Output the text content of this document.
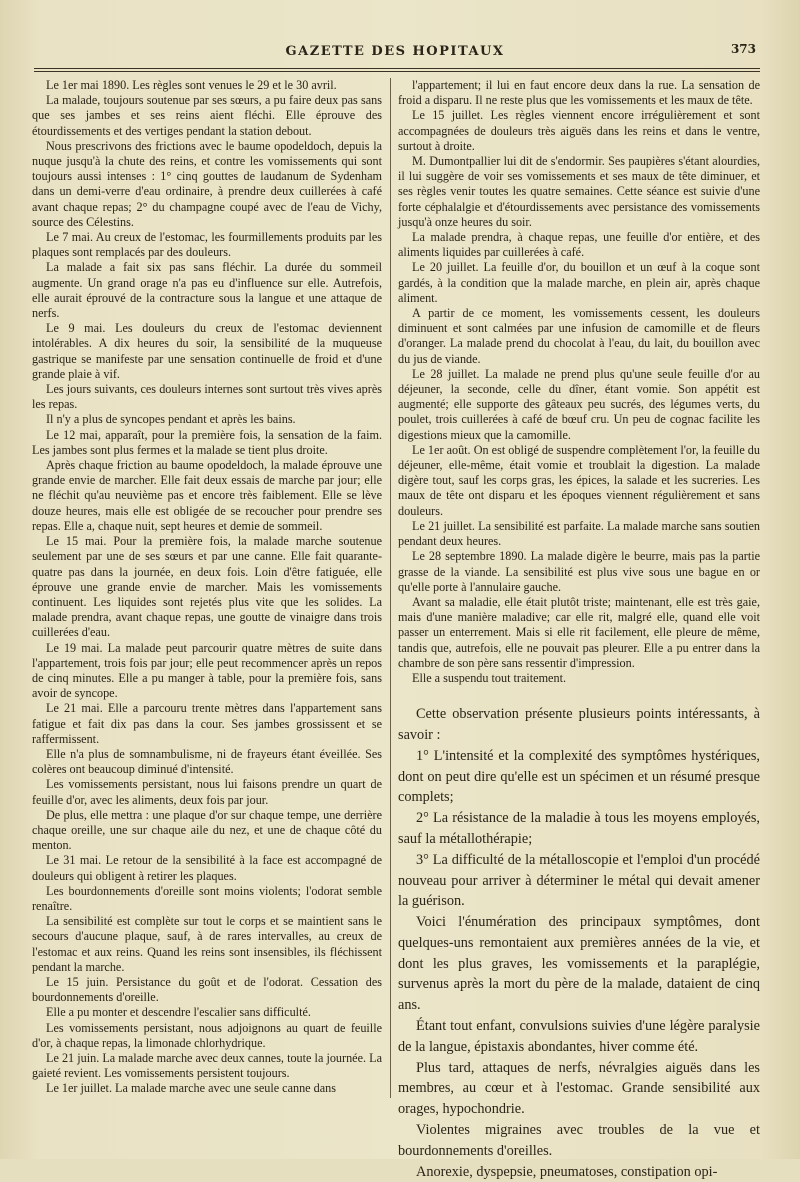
GAZETTE DES HOPITAUX	373

Le 1er mai 1890. Les règles sont venues le 29 et le 30 avril.

La malade, toujours soutenue par ses sœurs, a pu faire deux pas sans que ses jambes et ses reins aient fléchi. Elle éprouve des étourdissements et des vertiges pendant la station debout.

Nous prescrivons des frictions avec le baume opodeldoch, depuis la nuque jusqu'à la chute des reins, et contre les vomissements qui sont toujours aussi intenses : 1° cinq gouttes de laudanum de Sydenham dans un demi-verre d'eau ordinaire, à prendre deux cuillerées à café avant chaque repas; 2° du champagne coupé avec de l'eau de Vichy, source des Célestins.

Le 7 mai. Au creux de l'estomac, les fourmillements produits par les plaques sont remplacés par des douleurs.

La malade a fait six pas sans fléchir. La durée du sommeil augmente. Un grand orage n'a pas eu d'influence sur elle. Autrefois, elle aurait éprouvé de la contracture sous la langue et une attaque de nerfs.

Le 9 mai. Les douleurs du creux de l'estomac deviennent intolérables. A dix heures du soir, la sensibilité de la muqueuse gastrique se manifeste par une sensation continuelle de froid et d'une grande plaie à vif.

Les jours suivants, ces douleurs internes sont surtout très vives après les repas.

Il n'y a plus de syncopes pendant et après les bains.

Le 12 mai, apparaît, pour la première fois, la sensation de la faim. Les jambes sont plus fermes et la malade se tient plus droite.

Après chaque friction au baume opodeldoch, la malade éprouve une grande envie de marcher. Elle fait deux essais de marche par jour; elle ne fléchit qu'au neuvième pas et encore très faiblement. Elle se lève douze heures, mais elle est obligée de se recoucher pour prendre ses repas. Elle a, chaque nuit, sept heures et demie de sommeil.

Le 15 mai. Pour la première fois, la malade marche soutenue seulement par une de ses sœurs et par une canne. Elle fait quarante-quatre pas dans la journée, en deux fois. Loin d'être fatiguée, elle éprouve une grande envie de marcher. Mais les vomissements continuent. Les liquides sont rejetés plus vite que les solides. La malade prendra, avant chaque repas, une goutte de vinaigre dans trois cuillerées d'eau.

Le 19 mai. La malade peut parcourir quatre mètres de suite dans l'appartement, trois fois par jour; elle peut recommencer après un repos de cinq minutes. Elle a pu manger à table, pour la première fois, sans avoir de syncope.

Le 21 mai. Elle a parcouru trente mètres dans l'appartement sans fatigue et fait dix pas dans la cour. Ses jambes grossissent et se raffermissent.

Elle n'a plus de somnambulisme, ni de frayeurs étant éveillée. Ses colères ont beaucoup diminué d'intensité.

Les vomissements persistant, nous lui faisons prendre un quart de feuille d'or, avec les aliments, deux fois par jour.

De plus, elle mettra : une plaque d'or sur chaque tempe, une derrière chaque oreille, une sur chaque aile du nez, et une de chaque côté du menton.

Le 31 mai. Le retour de la sensibilité à la face est accompagné de douleurs qui obligent à retirer les plaques.

Les bourdonnements d'oreille sont moins violents; l'odorat semble renaître.

La sensibilité est complète sur tout le corps et se maintient sans le secours d'aucune plaque, sauf, à de rares intervalles, au creux de l'estomac et aux reins. Quand les reins sont insensibles, ils fléchissent pendant la marche.

Le 15 juin. Persistance du goût et de l'odorat. Cessation des bourdonnements d'oreille.

Elle a pu monter et descendre l'escalier sans difficulté.

Les vomissements persistant, nous adjoignons au quart de feuille d'or, à chaque repas, la limonade chlorhydrique.

Le 21 juin. La malade marche avec deux cannes, toute la journée. La gaieté revient. Les vomissements persistent toujours.

Le 1er juillet. La malade marche avec une seule canne dans

l'appartement; il lui en faut encore deux dans la rue. La sensation de froid a disparu. Il ne reste plus que les vomissements et les maux de tête.

Le 15 juillet. Les règles viennent encore irrégulièrement et sont accompagnées de douleurs très aiguës dans les reins et dans le ventre, surtout à droite.

M. Dumontpallier lui dit de s'endormir. Ses paupières s'étant alourdies, il lui suggère de voir ses vomissements et ses maux de tête diminuer, et ses règles venir toutes les quatre semaines. Cette séance est suivie d'une forte céphalalgie et d'étourdissements avec persistance des vomissements jusqu'à onze heures du soir.

La malade prendra, à chaque repas, une feuille d'or entière, et des aliments liquides par cuillerées à café.

Le 20 juillet. La feuille d'or, du bouillon et un œuf à la coque sont gardés, à la condition que la malade marche, en plein air, après chaque aliment.

A partir de ce moment, les vomissements cessent, les douleurs diminuent et sont calmées par une infusion de camomille et de fleurs d'oranger. La malade prend du chocolat à l'eau, du lait, du bouillon avec du jus de viande.

Le 28 juillet. La malade ne prend plus qu'une seule feuille d'or au déjeuner, la seconde, celle du dîner, étant vomie. Son appétit est augmenté; elle supporte des gâteaux peu sucrés, des légumes verts, du poulet, trois cuillerées à café de bœuf cru. Un peu de cognac facilite les digestions mieux que la camomille.

Le 1er août. On est obligé de suspendre complètement l'or, la feuille du déjeuner, elle-même, était vomie et troublait la digestion. La malade digère tout, sauf les corps gras, les épices, la salade et les sucreries. Les maux de tête ont disparu et les époques viennent régulièrement et sans douleurs.

Le 21 juillet. La sensibilité est parfaite. La malade marche sans soutien pendant deux heures.

Le 28 septembre 1890. La malade digère le beurre, mais pas la partie grasse de la viande. La sensibilité est plus vive sous une bague en or qu'elle porte à l'annulaire gauche.

Avant sa maladie, elle était plutôt triste; maintenant, elle est très gaie, mais d'une manière maladive; car elle rit, malgré elle, quand elle voit passer un enterrement. Mais si elle rit facilement, elle pleure de même, tandis que, autrefois, elle ne pouvait pas pleurer. Elle a pu entrer dans la chambre de son père sans ressentir d'impression.

Elle a suspendu tout traitement.

Cette observation présente plusieurs points intéressants, à savoir :

1° L'intensité et la complexité des symptômes hystériques, dont on peut dire qu'elle est un spécimen et un résumé presque complets;

2° La résistance de la maladie à tous les moyens employés, sauf la métallothérapie;

3° La difficulté de la métalloscopie et l'emploi d'un procédé nouveau pour arriver à déterminer le métal qui devait amener la guérison.

Voici l'énumération des principaux symptômes, dont quelques-uns remontaient aux premières années de la vie, et dont les plus graves, les vomissements et la paraplégie, survenus après la mort du père de la malade, dataient de cinq ans.

Étant tout enfant, convulsions suivies d'une légère paralysie de la langue, épistaxis abondantes, hiver comme été.

Plus tard, attaques de nerfs, névralgies aiguës dans les membres, au cœur et à l'estomac. Grande sensibilité aux orages, hypochondrie.

Violentes migraines avec troubles de la vue et bourdonnements d'oreilles.

Anorexie, dyspepsie, pneumatoses, constipation opi-
